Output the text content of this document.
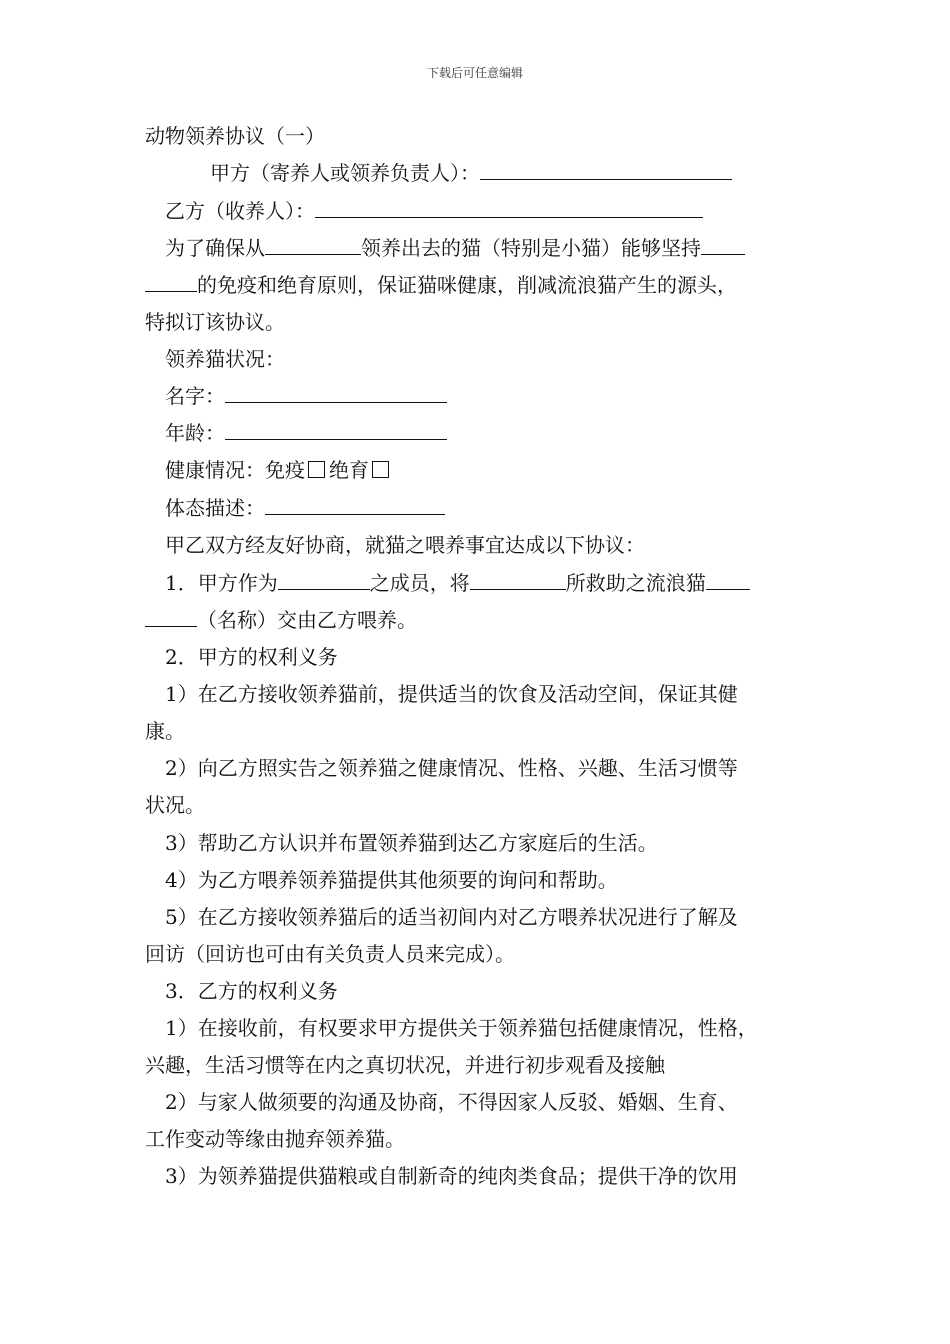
下载后可任意编辑
动物领养协议（一）
甲方（寄养人或领养负责人）：
乙方（收养人）：
为了确保从	领养出去的猫（特别是小猫）能够坚持
的免疫和绝育原则，保证猫咪健康，削减流浪猫产生的源头，
特拟订该协议。
领养猫状况：
名字：
年龄：
健康情况：免疫 绝育
体态描述：
甲乙双方经友好协商，就猫之喂养事宜达成以下协议：
1．甲方作为	之成员，将	所救助之流浪猫
（名称）交由乙方喂养。
2．甲方的权利义务
1）在乙方接收领养猫前，提供适当的饮食及活动空间，保证其健
康。
2）向乙方照实告之领养猫之健康情况、性格、兴趣、生活习惯等
状况。
3）帮助乙方认识并布置领养猫到达乙方家庭后的生活。
4）为乙方喂养领养猫提供其他须要的询问和帮助。
5）在乙方接收领养猫后的适当初间内对乙方喂养状况进行了解及
回访（回访也可由有关负责人员来完成）。
3．乙方的权利义务
1）在接收前，有权要求甲方提供关于领养猫包括健康情况，性格，
兴趣，生活习惯等在内之真切状况，并进行初步观看及接触
2）与家人做须要的沟通及协商，不得因家人反驳、婚姻、生育、
工作变动等缘由抛弃领养猫。
3）为领养猫提供猫粮或自制新奇的纯肉类食品；提供干净的饮用
